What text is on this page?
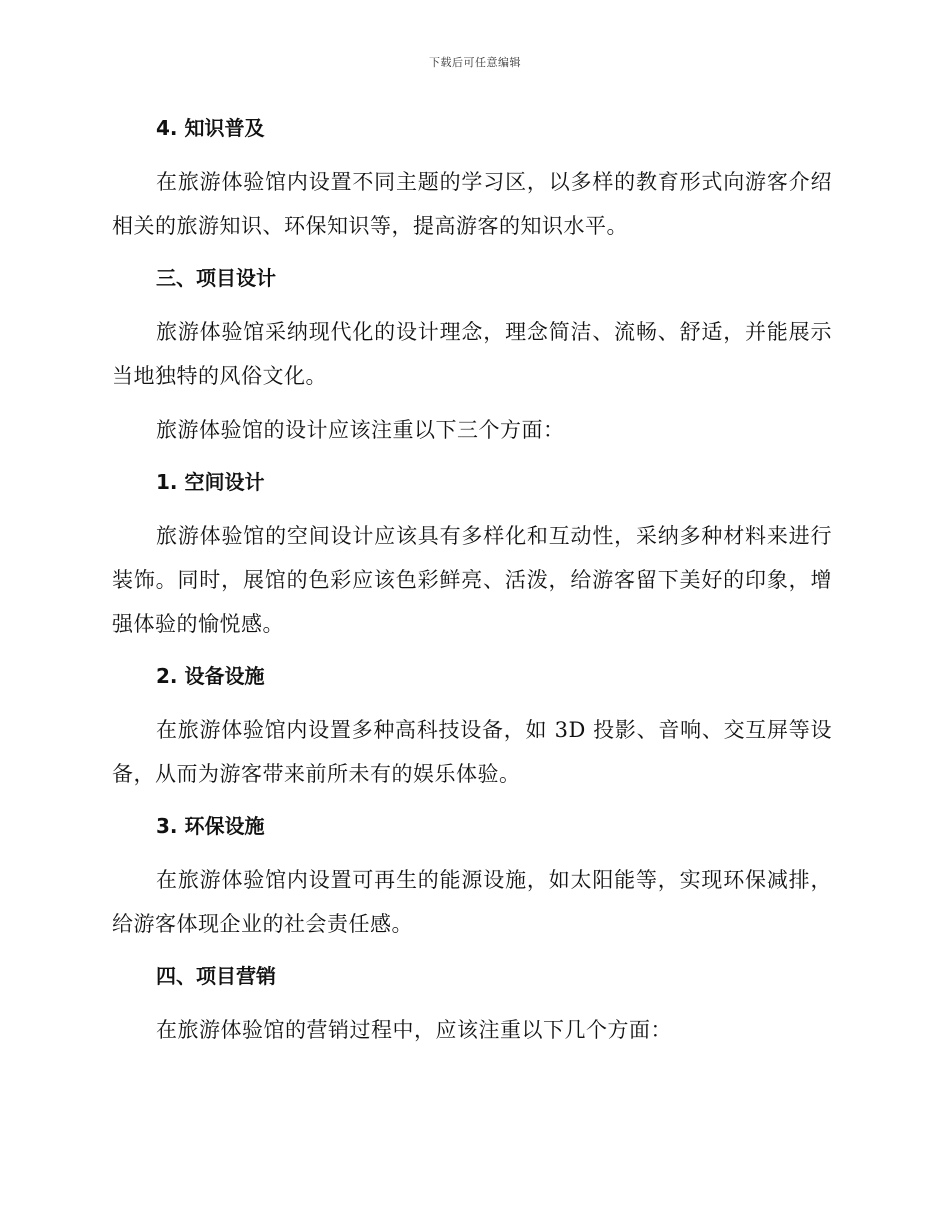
下载后可任意编辑
4. 知识普及

在旅游体验馆内设置不同主题的学习区，以多样的教育形式向游客介绍相关的旅游知识、环保知识等，提高游客的知识水平。

三、项目设计

旅游体验馆采纳现代化的设计理念，理念简洁、流畅、舒适，并能展示当地独特的风俗文化。

旅游体验馆的设计应该注重以下三个方面：

1. 空间设计

旅游体验馆的空间设计应该具有多样化和互动性，采纳多种材料来进行装饰。同时，展馆的色彩应该色彩鲜亮、活泼，给游客留下美好的印象，增强体验的愉悦感。

2. 设备设施

在旅游体验馆内设置多种高科技设备，如 3D 投影、音响、交互屏等设备，从而为游客带来前所未有的娱乐体验。

3. 环保设施

在旅游体验馆内设置可再生的能源设施，如太阳能等，实现环保减排，给游客体现企业的社会责任感。

四、项目营销

在旅游体验馆的营销过程中，应该注重以下几个方面：
